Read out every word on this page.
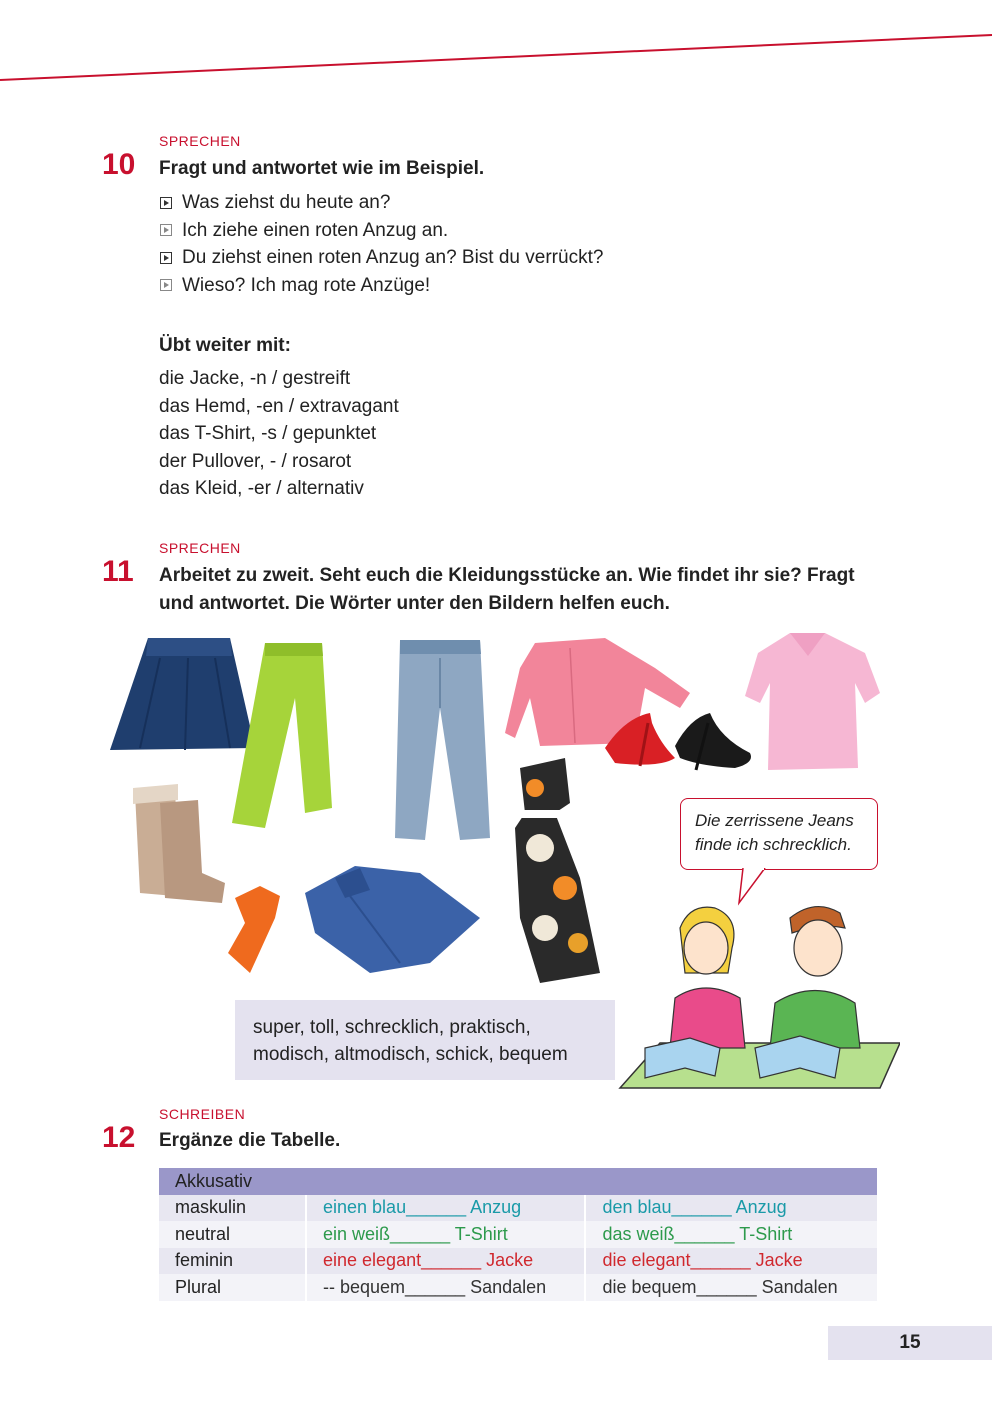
SPRECHEN
10 Fragt und antwortet wie im Beispiel.
Was ziehst du heute an?
Ich ziehe einen roten Anzug an.
Du ziehst einen roten Anzug an? Bist du verrückt?
Wieso? Ich mag rote Anzüge!
Übt weiter mit:
die Jacke, -n / gestreift
das Hemd, -en / extravagant
das T-Shirt, -s / gepunktet
der Pullover, - / rosarot
das Kleid, -er / alternativ
SPRECHEN
11 Arbeitet zu zweit. Seht euch die Kleidungsstücke an. Wie findet ihr sie? Fragt
und antwortet. Die Wörter unter den Bildern helfen euch.
Die zerrissene Jeans
finde ich schrecklich.
super, toll, schrecklich, praktisch,
modisch, altmodisch, schick, bequem
SCHREIBEN
12 Ergänze die Tabelle.
Akkusativ		
maskulin	einen blau______ Anzug	den blau______ Anzug
neutral	ein weiß______ T-Shirt	das weiß______ T-Shirt
feminin	eine elegant______ Jacke	die elegant______ Jacke
Plural	-- bequem______ Sandalen	die bequem______ Sandalen
15
